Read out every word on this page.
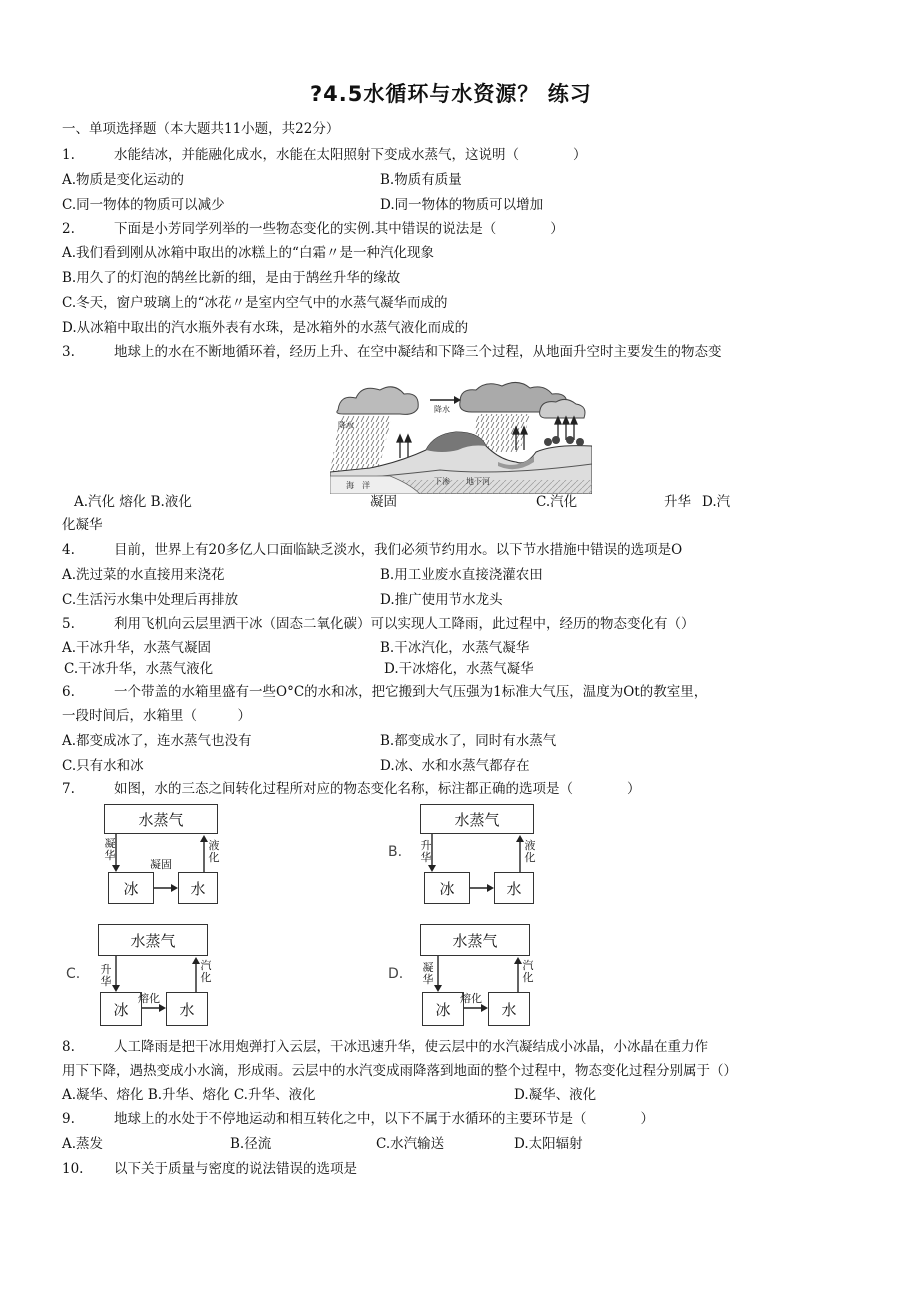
?4.5水循环与水资源？ 练习
一、单项选择题（本大题共11小题，共22分）
1.	水能结冰，并能融化成水，水能在太阳照射下变成水蒸气，这说明（　　　　）
A.物质是变化运动的	B.物质有质量
C.同一物体的物质可以减少	D.同一物体的物质可以增加
2.	下面是小芳同学列举的一些物态变化的实例.其中错误的说法是（　　　　）
A.我们看到刚从冰箱中取出的冰糕上的“白霜〃是一种汽化现象
B.用久了的灯泡的鹄丝比新的细，是由于鹄丝升华的缘故
C.冬天，窗户玻璃上的“冰花〃是室内空气中的水蒸气凝华而成的
D.从冰箱中取出的汽水瓶外表有水珠，是冰箱外的水蒸气液化而成的
3.	地球上的水在不断地循环着，经历上升、在空中凝结和下降三个过程，从地面升空时主要发生的物态变
降水
降水
海　洋	下渗 地下河
A.汽化 熔化 B.液化	凝固	C.汽化	升华 D.汽
化凝华
4.	目前，世界上有20多亿人口面临缺乏淡水，我们必须节约用水。以下节水措施中错误的选项是O
A.洗过菜的水直接用来浇花	B.用工业废水直接浇灌农田
C.生活污水集中处理后再排放	D.推广使用节水龙头
5.	利用飞机向云层里洒干冰（固态二氧化碳）可以实现人工降雨，此过程中，经历的物态变化有（）
A.干冰升华，水蒸气凝固	B.干冰汽化，水蒸气凝华
C.干冰升华，水蒸气液化	D.干冰熔化，水蒸气凝华
6.	一个带盖的水箱里盛有一些O°C的水和冰，把它搬到大气压强为1标准大气压，温度为Ot的教室里，
一段时间后，水箱里（　　　）
A.都变成冰了，连水蒸气也没有	B.都变成水了，同时有水蒸气
C.只有水和冰	D.冰、水和水蒸气都存在
7.	如图，水的三态之间转化过程所对应的物态变化名称，标注都正确的选项是（　　　　）
水蒸气
冰	水
凝华
凝固
液化	B.
水蒸气
冰	水
升华
液化
C.
水蒸气
冰	水
升华
熔化
汽化	D.
水蒸气
冰	水
凝华
熔化
汽化
8.	人工降雨是把干冰用炮弹打入云层，干冰迅速升华，使云层中的水汽凝结成小冰晶，小冰晶在重力作
用下下降，遇热变成小水滴，形成雨。云层中的水汽变成雨降落到地面的整个过程中，物态变化过程分别属于（）
A.凝华、熔化 B.升华、熔化 C.升华、液化	D.凝华、液化
9.	地球上的水处于不停地运动和相互转化之中，以下不属于水循环的主要环节是（　　　　）
A.蒸发	B.径流	C.水汽输送	D.太阳辐射
10. 以下关于质量与密度的说法错误的选项是
